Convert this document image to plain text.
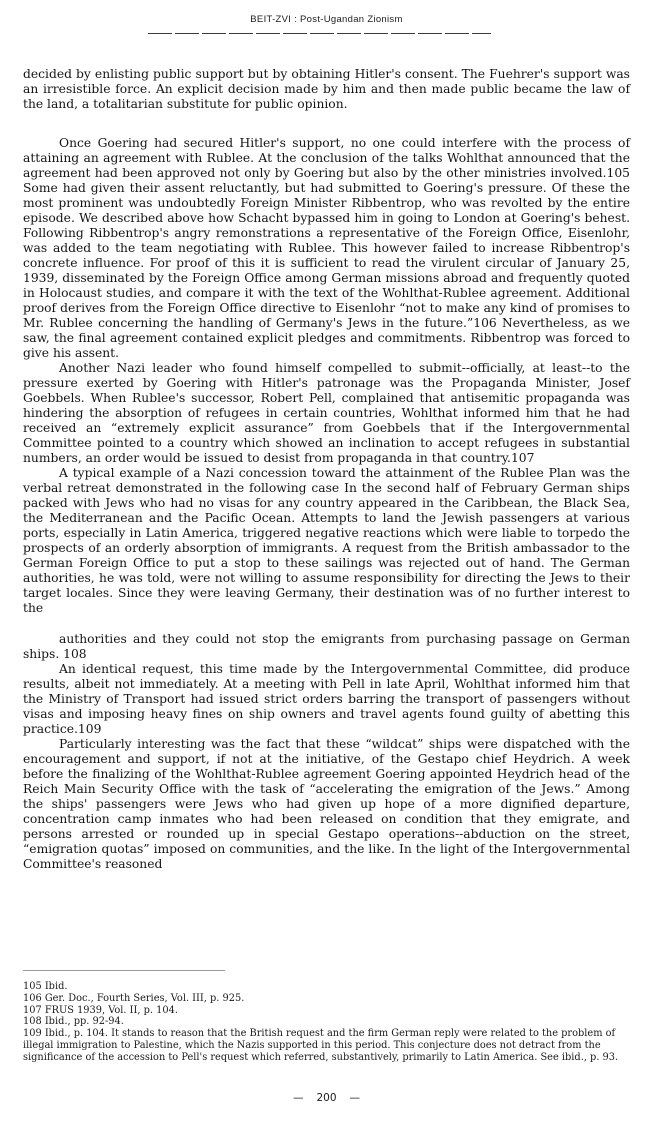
BEIT-ZVI : Post-Ugandan Zionism

decided by enlisting public support but by obtaining Hitler's consent. The Fuehrer's support was an irresistible force. An explicit decision made by him and then made public became the law of the land, a totalitarian substitute for public opinion.

Once Goering had secured Hitler's support, no one could interfere with the process of attaining an agreement with Rublee. At the conclusion of the talks Wohlthat announced that the agreement had been approved not only by Goering but also by the other ministries involved.105 Some had given their assent reluctantly, but had submitted to Goering's pressure. Of these the most prominent was undoubtedly Foreign Minister Ribbentrop, who was revolted by the entire episode. We described above how Schacht bypassed him in going to London at Goering's behest. Following Ribbentrop's angry remonstrations a representative of the Foreign Office, Eisenlohr, was added to the team negotiating with Rublee. This however failed to increase Ribbentrop's concrete influence. For proof of this it is sufficient to read the virulent circular of January 25, 1939, disseminated by the Foreign Office among German missions abroad and frequently quoted in Holocaust studies, and compare it with the text of the Wohlthat-Rublee agreement. Additional proof derives from the Foreign Office directive to Eisenlohr “not to make any kind of promises to Mr. Rublee concerning the handling of Germany's Jews in the future.”106 Nevertheless, as we saw, the final agreement contained explicit pledges and commitments. Ribbentrop was forced to give his assent.

Another Nazi leader who found himself compelled to submit--officially, at least--to the pressure exerted by Goering with Hitler's patronage was the Propaganda Minister, Josef Goebbels. When Rublee's successor, Robert Pell, complained that antisemitic propaganda was hindering the absorption of refugees in certain countries, Wohlthat informed him that he had received an “extremely explicit assurance” from Goebbels that if the Intergovernmental Committee pointed to a country which showed an inclination to accept refugees in substantial numbers, an order would be issued to desist from propaganda in that country.107

A typical example of a Nazi concession toward the attainment of the Rublee Plan was the verbal retreat demonstrated in the following case In the second half of February German ships packed with Jews who had no visas for any country appeared in the Caribbean, the Black Sea, the Mediterranean and the Pacific Ocean. Attempts to land the Jewish passengers at various ports, especially in Latin America, triggered negative reactions which were liable to torpedo the prospects of an orderly absorption of immigrants. A request from the British ambassador to the German Foreign Office to put a stop to these sailings was rejected out of hand. The German authorities, he was told, were not willing to assume responsibility for directing the Jews to their target locales. Since they were leaving Germany, their destination was of no further interest to the

authorities and they could not stop the emigrants from purchasing passage on German ships. 108

An identical request, this time made by the Intergovernmental Committee, did produce results, albeit not immediately. At a meeting with Pell in late April, Wohlthat informed him that the Ministry of Transport had issued strict orders barring the transport of passengers without visas and imposing heavy fines on ship owners and travel agents found guilty of abetting this practice.109

Particularly interesting was the fact that these “wildcat” ships were dispatched with the encouragement and support, if not at the initiative, of the Gestapo chief Heydrich. A week before the finalizing of the Wohlthat-Rublee agreement Goering appointed Heydrich head of the Reich Main Security Office with the task of “accelerating the emigration of the Jews.” Among the ships' passengers were Jews who had given up hope of a more dignified departure, concentration camp inmates who had been released on condition that they emigrate, and persons arrested or rounded up in special Gestapo operations--abduction on the street, “emigration quotas” imposed on communities, and the like. In the light of the Intergovernmental Committee's reasoned

105 Ibid.

106 Ger. Doc., Fourth Series, Vol. III, p. 925.

107 FRUS 1939, Vol. II, p. 104.

108 Ibid., pp. 92-94.

109 Ibid., p. 104. It stands to reason that the British request and the firm German reply were related to the problem of illegal immigration to Palestine, which the Nazis supported in this period. This conjecture does not detract from the significance of the accession to Pell's request which referred, substantively, primarily to Latin America. See ibid., p. 93.

— 200 —
